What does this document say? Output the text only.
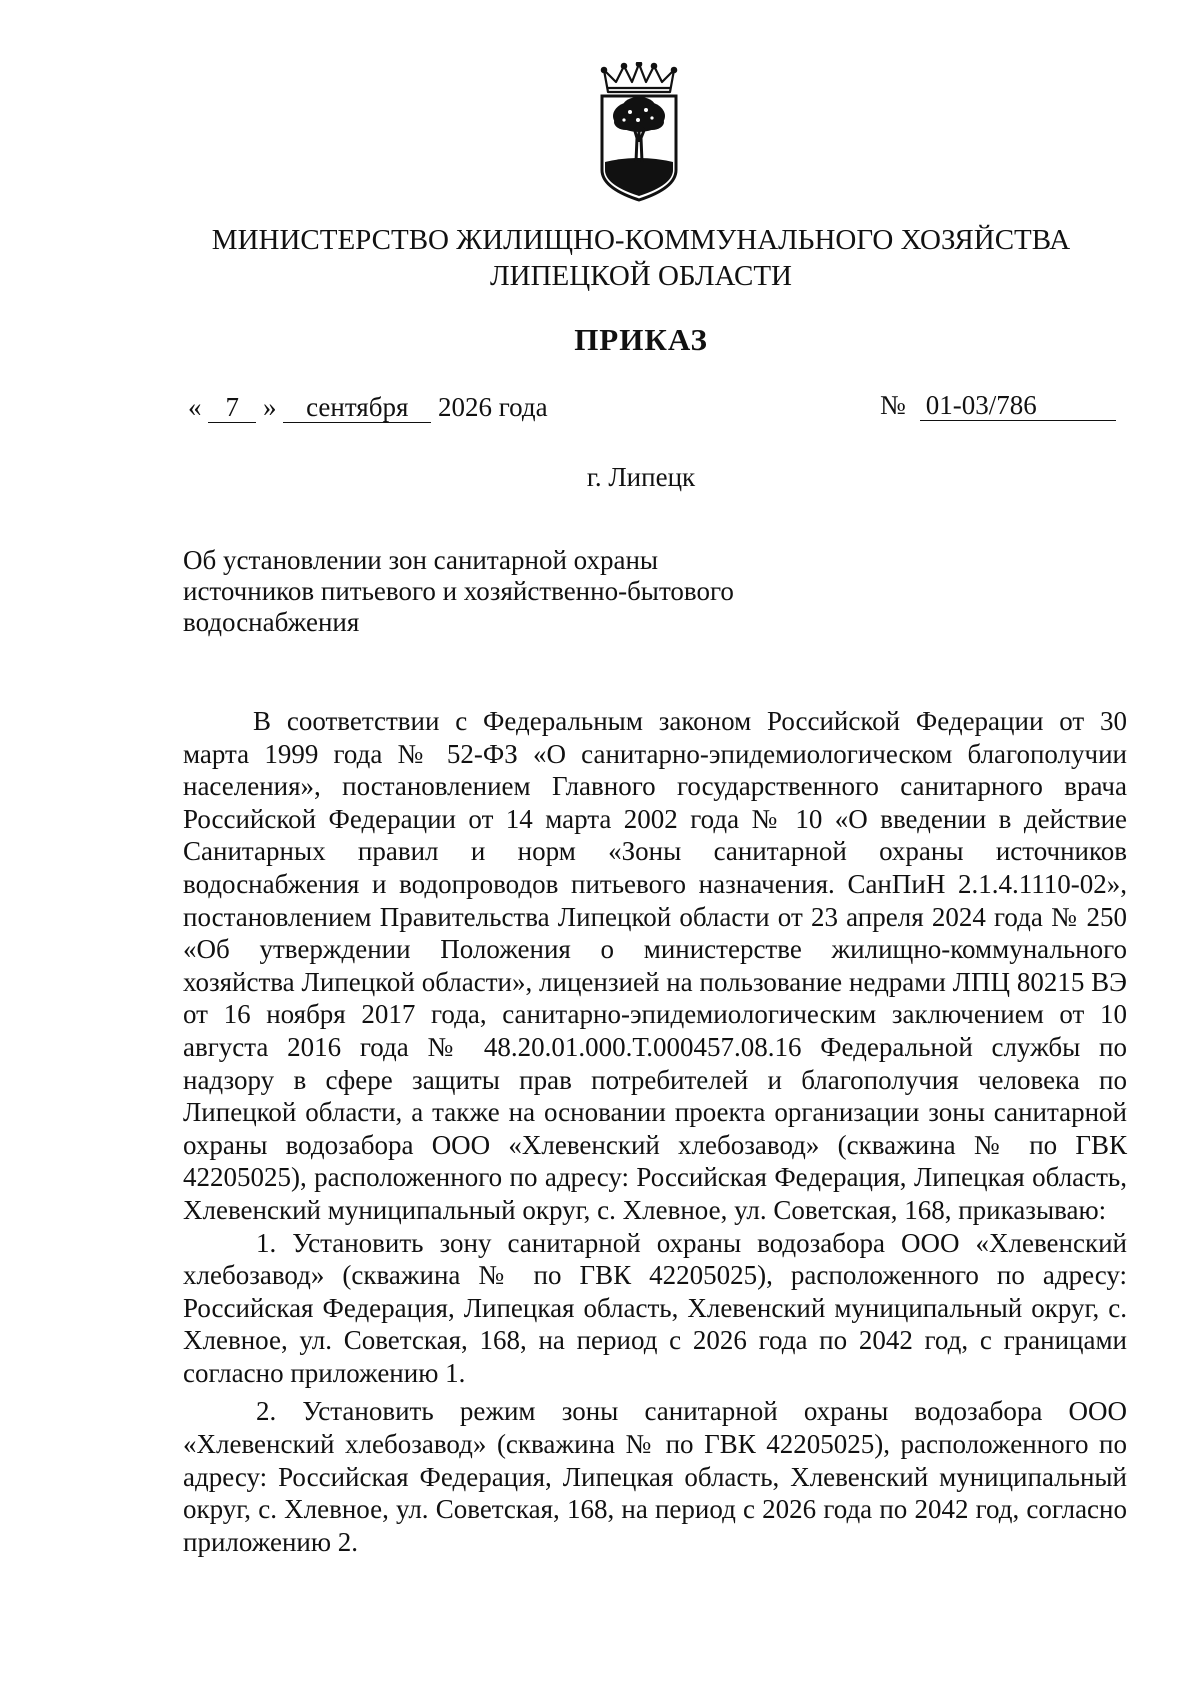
МИНИСТЕРСТВО ЖИЛИЩНО-КОММУНАЛЬНОГО ХОЗЯЙСТВА
ЛИПЕЦКОЙ ОБЛАСТИ
ПРИКАЗ
« 7 » сентября 2026 года	№ 01-03/786
г. Липецк
Об установлении зон санитарной охраны
источников питьевого и хозяйственно-бытового
водоснабжения

В соответствии с Федеральным законом Российской Федерации от 30 марта 1999 года № 52-ФЗ «О санитарно-эпидемиологическом благополучии населения», постановлением Главного государственного санитарного врача Российской Федерации от 14 марта 2002 года № 10 «О введении в действие Санитарных правил и норм «Зоны санитарной охраны источников водоснабжения и водопроводов питьевого назначения. СанПиН 2.1.4.1110-02», постановлением Правительства Липецкой области от 23 апреля 2024 года № 250 «Об утверждении Положения о министерстве жилищно-коммунального хозяйства Липецкой области», лицензией на пользование недрами ЛПЦ 80215 ВЭ от 16 ноября 2017 года, санитарно-эпидемиологическим заключением от 10 августа 2016 года № 48.20.01.000.Т.000457.08.16 Федеральной службы по надзору в сфере защиты прав потребителей и благополучия человека по Липецкой области, а также на основании проекта организации зоны санитарной охраны водозабора ООО «Хлевенский хлебозавод» (скважина № по ГВК 42205025), расположенного по адресу: Российская Федерация, Липецкая область, Хлевенский муниципальный округ, с. Хлевное, ул. Советская, 168, приказываю:

1. Установить зону санитарной охраны водозабора ООО «Хлевенский хлебозавод» (скважина № по ГВК 42205025), расположенного по адресу: Российская Федерация, Липецкая область, Хлевенский муниципальный округ, с. Хлевное, ул. Советская, 168, на период с 2026 года по 2042 год, с границами согласно приложению 1.

2. Установить режим зоны санитарной охраны водозабора ООО «Хлевенский хлебозавод» (скважина № по ГВК 42205025), расположенного по адресу: Российская Федерация, Липецкая область, Хлевенский муниципальный округ, с. Хлевное, ул. Советская, 168, на период с 2026 года по 2042 год, согласно приложению 2.
